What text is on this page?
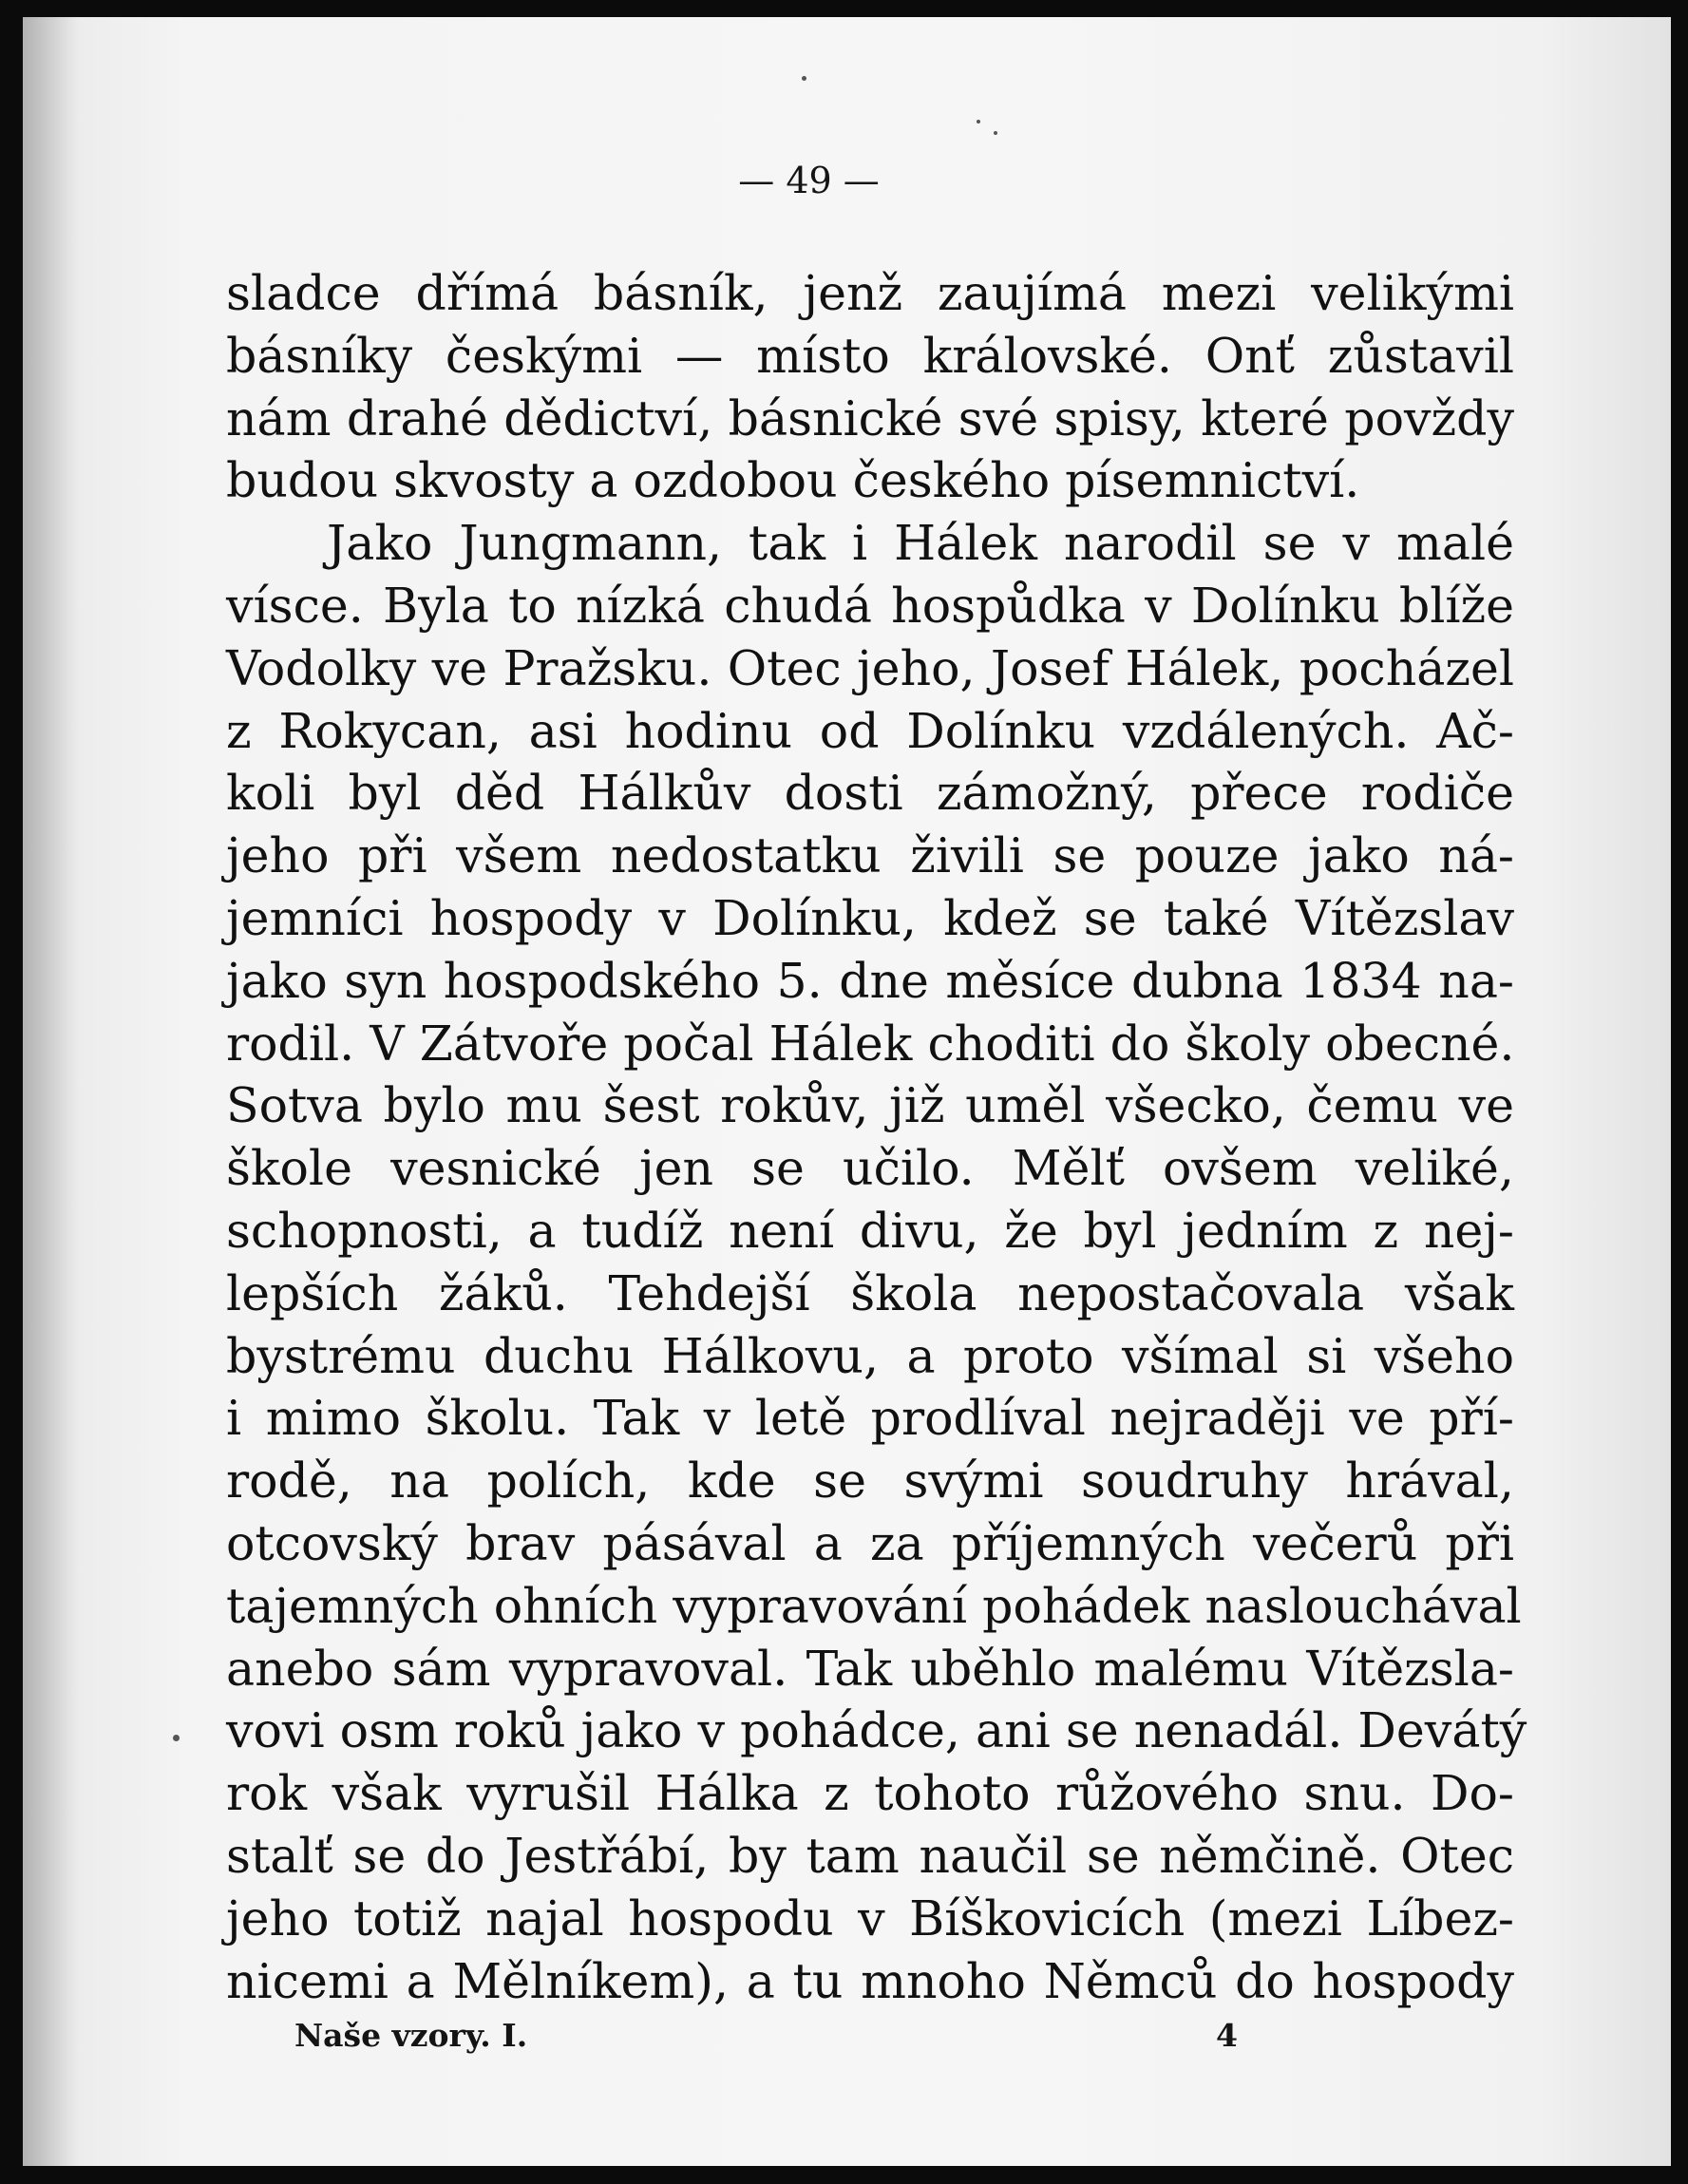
— 49 —
sladce dřímá básník, jenž zaujímá mezi velikými
básníky českými — místo královské. Onť zůstavil
nám drahé dědictví, básnické své spisy, které povždy
budou skvosty a ozdobou českého písemnictví.
Jako Jungmann, tak i Hálek narodil se v malé
vísce. Byla to nízká chudá hospůdka v Dolínku blíže
Vodolky ve Pražsku. Otec jeho, Josef Hálek, pocházel
z Rokycan, asi hodinu od Dolínku vzdálených. Ač-
koli byl děd Hálkův dosti zámožný, přece rodiče
jeho při všem nedostatku živili se pouze jako ná-
jemníci hospody v Dolínku, kdež se také Vítězslav
jako syn hospodského 5. dne měsíce dubna 1834 na-
rodil. V Zátvoře počal Hálek choditi do školy obecné.
Sotva bylo mu šest rokův, již uměl všecko, čemu ve
škole vesnické jen se učilo. Mělť ovšem veliké,
schopnosti, a tudíž není divu, že byl jedním z nej-
lepších žáků. Tehdejší škola nepostačovala však
bystrému duchu Hálkovu, a proto všímal si všeho
i mimo školu. Tak v letě prodlíval nejraději ve pří-
rodě, na polích, kde se svými soudruhy hrával,
otcovský brav pásával a za příjemných večerů při
tajemných ohních vypravování pohádek naslouchával
anebo sám vypravoval. Tak uběhlo malému Vítězsla-
vovi osm roků jako v pohádce, ani se nenadál. Devátý
rok však vyrušil Hálka z tohoto růžového snu. Do-
stalť se do Jestřábí, by tam naučil se němčině. Otec
jeho totiž najal hospodu v Bíškovicích (mezi Líbez-
nicemi a Mělníkem), a tu mnoho Němců do hospody
Naše vzory. I.	4
